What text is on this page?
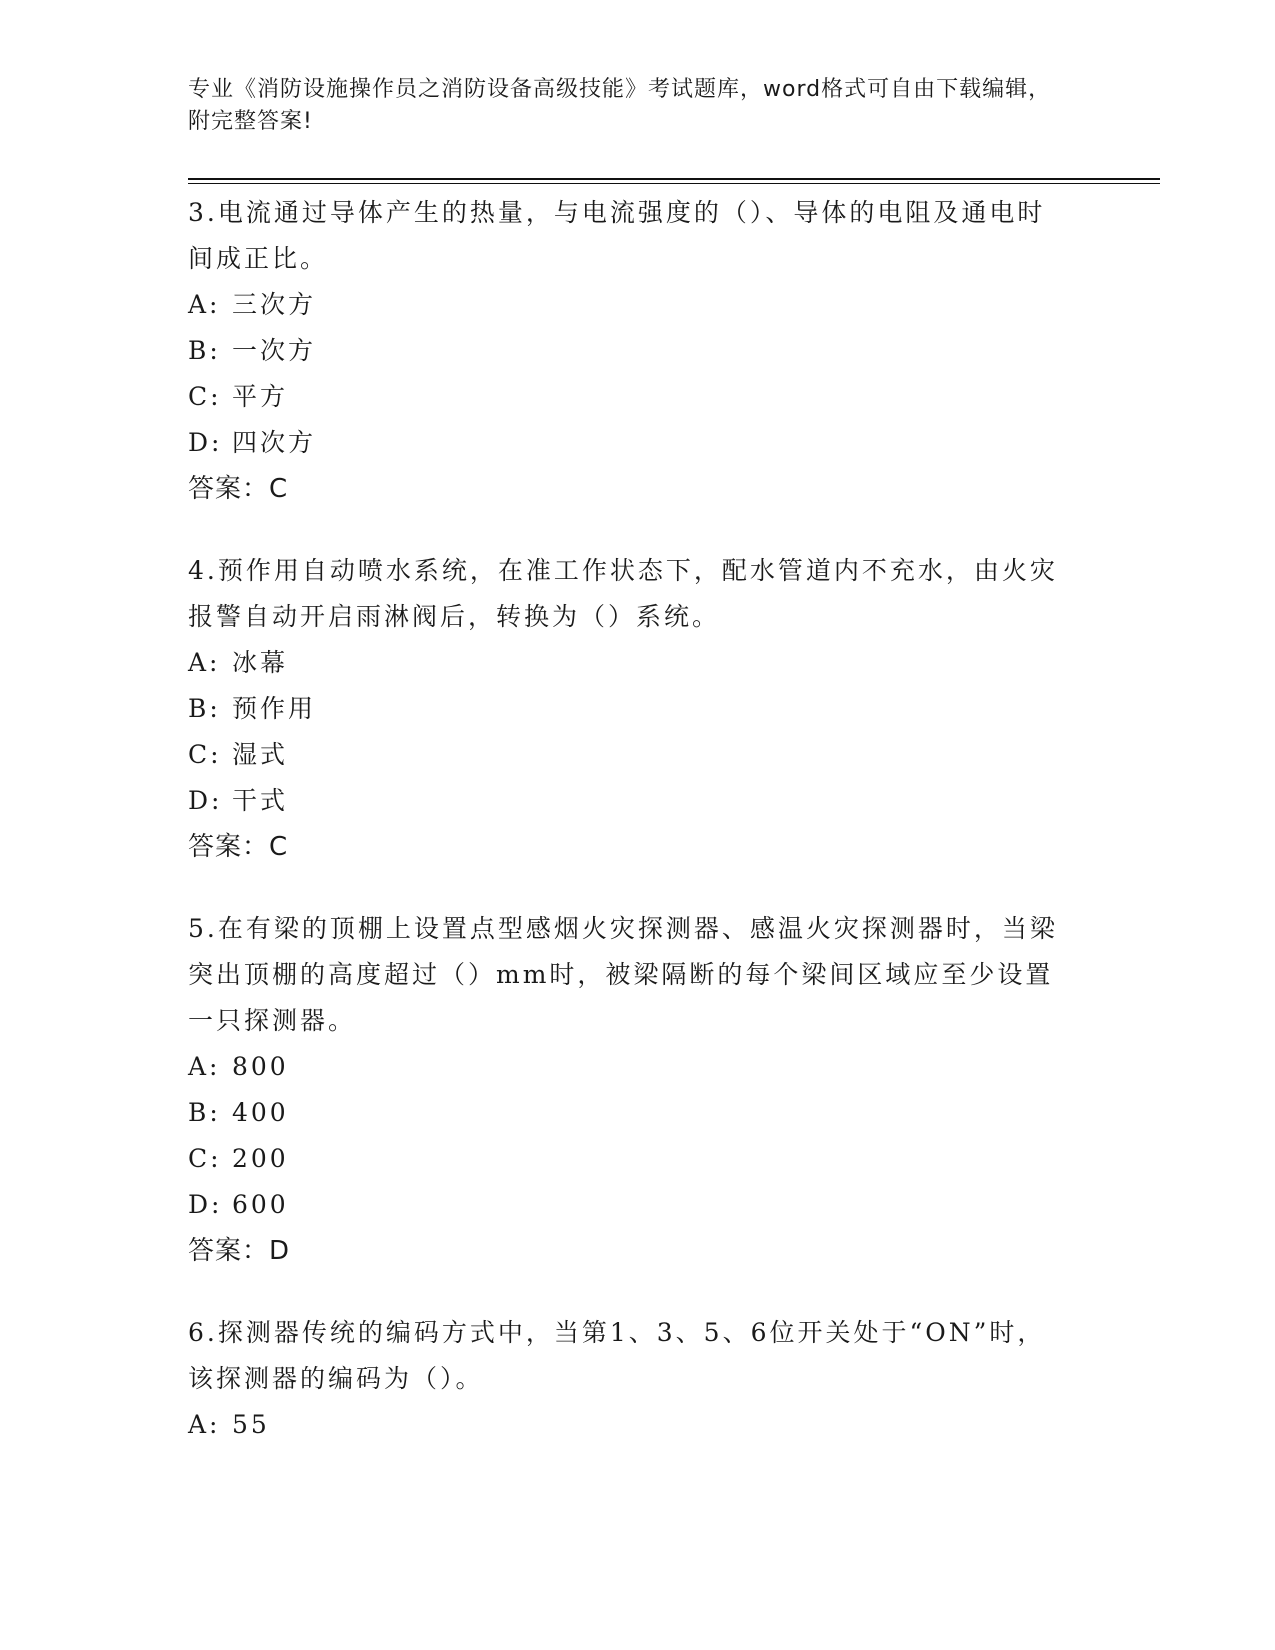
专业《消防设施操作员之消防设备高级技能》考试题库，word格式可自由下载编辑，附完整答案!
3.电流通过导体产生的热量，与电流强度的（）、导体的电阻及通电时间成正比。
A: 三次方
B: 一次方
C: 平方
D: 四次方
答案：C
4.预作用自动喷水系统，在准工作状态下，配水管道内不充水，由火灾报警自动开启雨淋阀后，转换为（）系统。
A: 冰幕
B: 预作用
C: 湿式
D: 干式
答案：C
5.在有梁的顶棚上设置点型感烟火灾探测器、感温火灾探测器时，当梁突出顶棚的高度超过（）mm时，被梁隔断的每个梁间区域应至少设置一只探测器。
A: 800
B: 400
C: 200
D: 600
答案：D
6.探测器传统的编码方式中，当第1、3、5、6位开关处于“ON”时，该探测器的编码为（）。
A: 55
